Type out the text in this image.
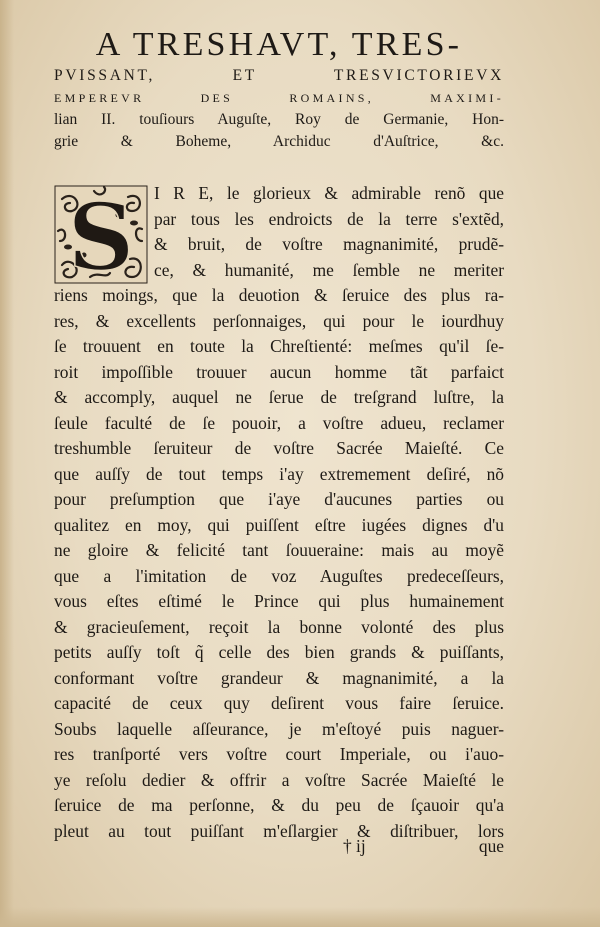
A TRESHAVT, TRES-

PVISSANT, ET TRESVICTORIEVX

EMPEREVR DES ROMAINS, MAXIMI-

lian II. touſiours Auguſte, Roy de Germanie, Hon-

grie & Boheme, Archiduc d'Auſtrice, &c.

S	I R E, le glorieux & admirable renõ que

par tous les endroicts de la terre s'extẽd,

& bruit, de voſtre magnanimité, prudẽ-

ce, & humanité, me ſemble ne meriter

riens moings, que la deuotion & ſeruice des plus ra-

res, & excellents perſonnaiges, qui pour le iourdhuy

ſe trouuent en toute la Chreſtienté: meſmes qu'il ſe-

roit impoſſible trouuer aucun homme tãt parfaict

& accomply, auquel ne ſerue de treſgrand luſtre, la

ſeule faculté de ſe pouoir, a voſtre adueu, reclamer

treshumble ſeruiteur de voſtre Sacrée Maieſté. Ce

que auſſy de tout temps i'ay extremement deſiré, nõ

pour preſumption que i'aye d'aucunes parties ou

qualitez en moy, qui puiſſent eſtre iugées dignes d'u

ne gloire & felicité tant ſouueraine: mais au moyẽ

que a l'imitation de voz Auguſtes predeceſſeurs,

vous eſtes eſtimé le Prince qui plus humainement

& gracieuſement, reçoit la bonne volonté des plus

petits auſſy toſt q̃ celle des bien grands & puiſſants,

conformant voſtre grandeur & magnanimité, a la

capacité de ceux quy deſirent vous faire ſeruice.

Soubs laquelle aſſeurance, je m'eſtoyé puis naguer-

res tranſporté vers voſtre court Imperiale, ou i'auo-

ye reſolu dedier & offrir a voſtre Sacrée Maieſté le

ſeruice de ma perſonne, & du peu de ſçauoir qu'a

pleut au tout puiſſant m'eſlargier & diſtribuer, lors

† ij	que
